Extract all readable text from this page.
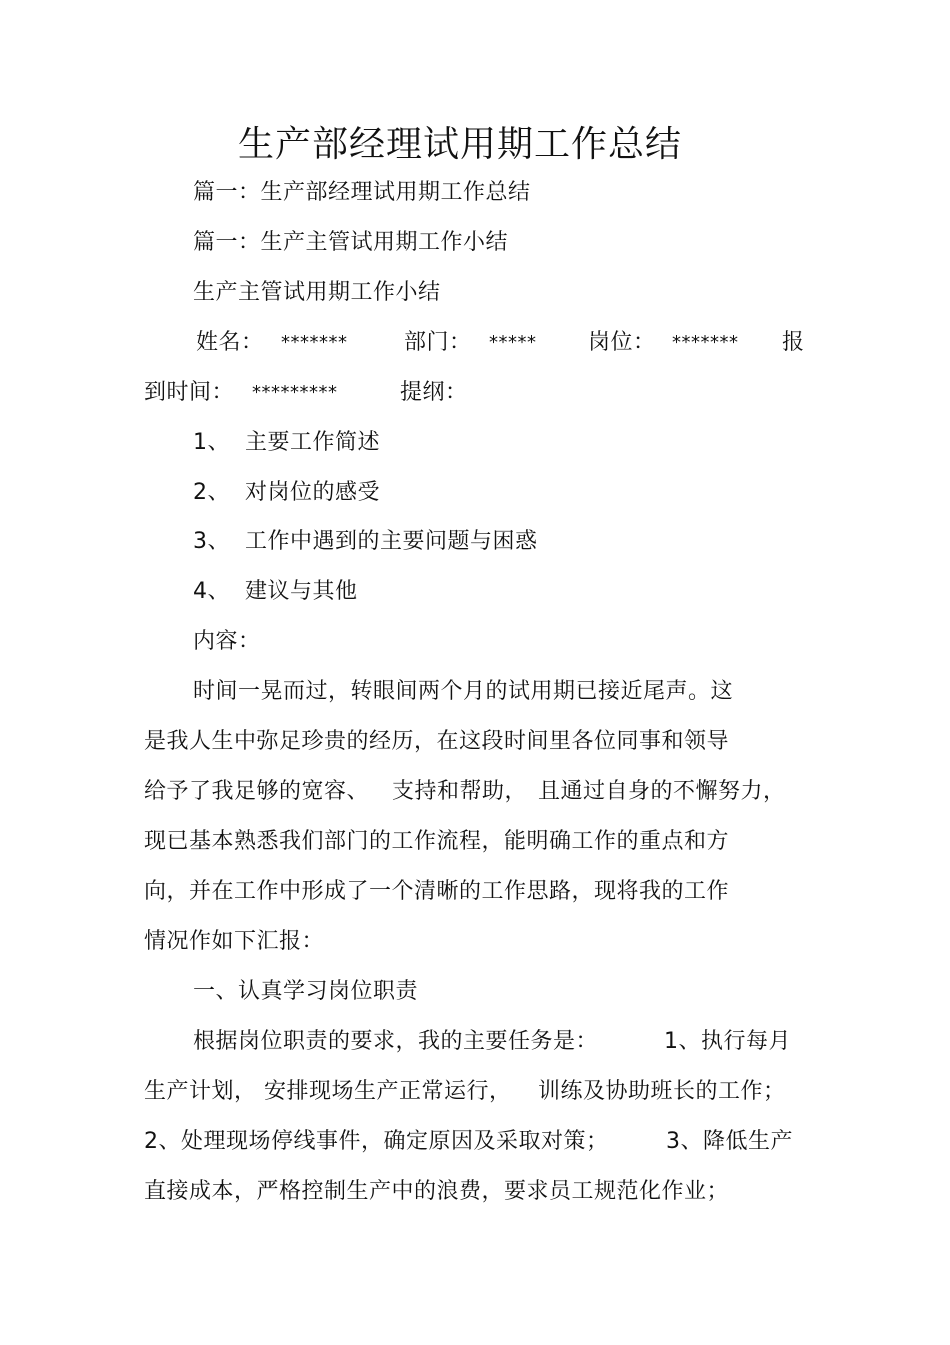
生产部经理试用期工作总结
篇一：生产部经理试用期工作总结
篇一：生产主管试用期工作小结
生产主管试用期工作小结
姓名： *******	部门： ***** 岗位： ******* 报
到时间： *********	提纲：
1、 主要工作简述
2、 对岗位的感受
3、 工作中遇到的主要问题与困惑
4、 建议与其他
内容：
时间一晃而过，转眼间两个月的试用期已接近尾声。这
是我人生中弥足珍贵的经历，在这段时间里各位同事和领导
给予了我足够的宽容、 支持和帮助， 且通过自身的不懈努力，
现已基本熟悉我们部门的工作流程，能明确工作的重点和方
向，并在工作中形成了一个清晰的工作思路，现将我的工作
情况作如下汇报：
一、认真学习岗位职责
根据岗位职责的要求，我的主要任务是：	1、执行每月
生产计划， 安排现场生产正常运行， 训练及协助班长的工作；
2、处理现场停线事件，确定原因及采取对策；	3、降低生产
直接成本，严格控制生产中的浪费，要求员工规范化作业；
